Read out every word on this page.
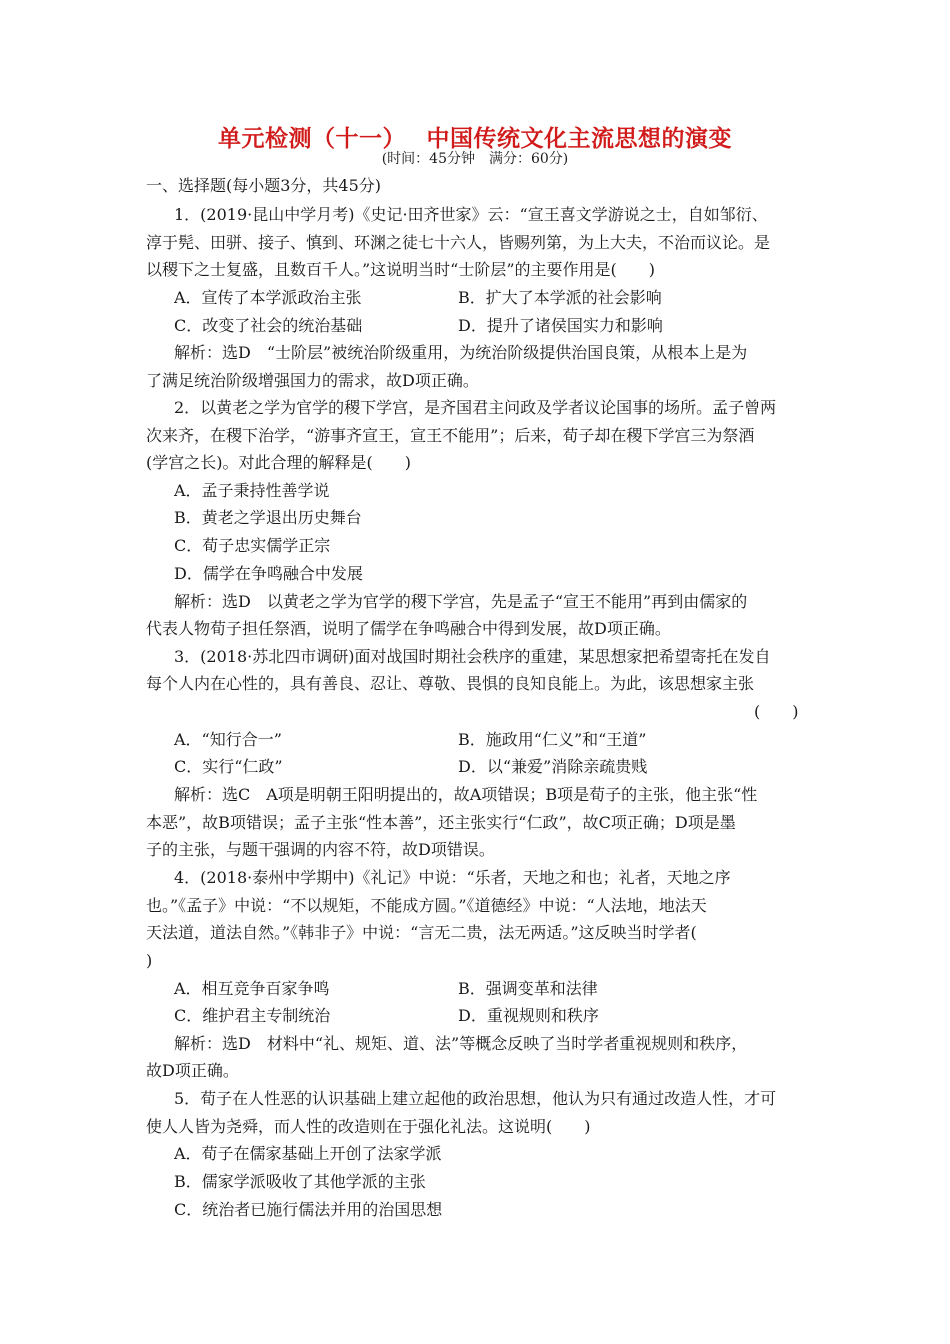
单元检测（十一）　 中国传统文化主流思想的演变
(时间：45分钟　满分：60分)
一、选择题(每小题3分，共45分)
1．(2019·昆山中学月考)《史记·田齐世家》云：“宣王喜文学游说之士，自如邹衍、
淳于髡、田骈、接子、慎到、环渊之徒七十六人，皆赐列第，为上大夫，不治而议论。是
以稷下之士复盛，且数百千人。”这说明当时“士阶层”的主要作用是(　　)
A．宣传了本学派政治主张	B．扩大了本学派的社会影响
C．改变了社会的统治基础	D．提升了诸侯国实力和影响
解析：选D　“士阶层”被统治阶级重用，为统治阶级提供治国良策，从根本上是为
了满足统治阶级增强国力的需求，故D项正确。
2．以黄老之学为官学的稷下学宫，是齐国君主问政及学者议论国事的场所。孟子曾两
次来齐，在稷下治学，“游事齐宣王，宣王不能用”；后来，荀子却在稷下学宫三为祭酒
(学宫之长)。对此合理的解释是(　　)
A．孟子秉持性善学说
B．黄老之学退出历史舞台
C．荀子忠实儒学正宗
D．儒学在争鸣融合中发展
解析：选D　以黄老之学为官学的稷下学宫，先是孟子“宣王不能用”再到由儒家的
代表人物荀子担任祭酒，说明了儒学在争鸣融合中得到发展，故D项正确。
3．(2018·苏北四市调研)面对战国时期社会秩序的重建，某思想家把希望寄托在发自
每个人内在心性的，具有善良、忍让、尊敬、畏惧的良知良能上。为此，该思想家主张
(　　)
A．“知行合一”	B．施政用“仁义”和“王道”
C．实行“仁政”	D．以“兼爱”消除亲疏贵贱
解析：选C　A项是明朝王阳明提出的，故A项错误；B项是荀子的主张，他主张“性
本恶”，故B项错误；孟子主张“性本善”，还主张实行“仁政”，故C项正确；D项是墨
子的主张，与题干强调的内容不符，故D项错误。
4．(2018·泰州中学期中)《礼记》中说：“乐者，天地之和也；礼者，天地之序
也。”《孟子》中说：“不以规矩，不能成方圆。”《道德经》中说：“人法地，地法天
天法道，道法自然。”《韩非子》中说：“言无二贵，法无两适。”这反映当时学者(
)
A．相互竞争百家争鸣	B．强调变革和法律
C．维护君主专制统治	D．重视规则和秩序
解析：选D　材料中“礼、规矩、道、法”等概念反映了当时学者重视规则和秩序，
故D项正确。
5．荀子在人性恶的认识基础上建立起他的政治思想，他认为只有通过改造人性，才可
使人人皆为尧舜，而人性的改造则在于强化礼法。这说明(　　)
A．荀子在儒家基础上开创了法家学派
B．儒家学派吸收了其他学派的主张
C．统治者已施行儒法并用的治国思想
